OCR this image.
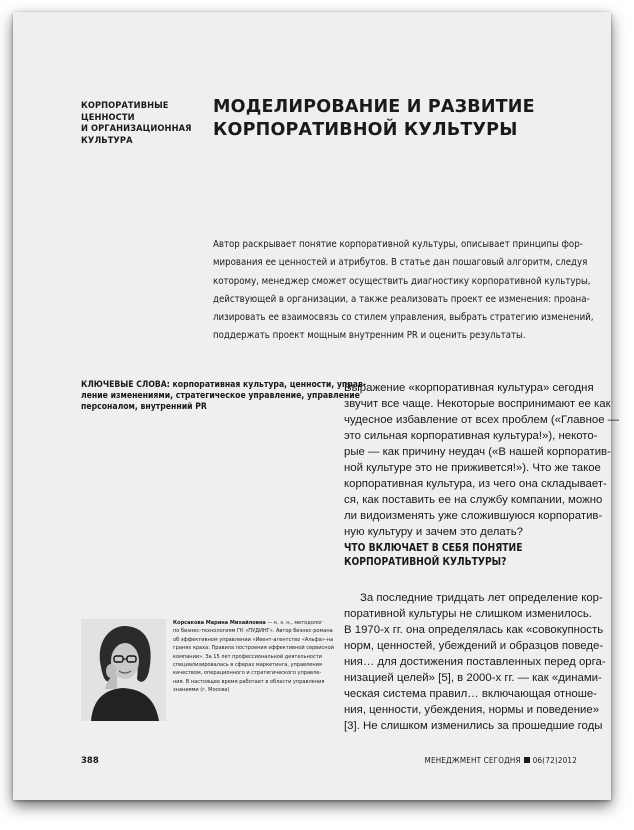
КОРПОРАТИВНЫЕ
ЦЕННОСТИ
И ОРГАНИЗАЦИОННАЯ
КУЛЬТУРА
МОДЕЛИРОВАНИЕ И РАЗВИТИЕ
КОРПОРАТИВНОЙ КУЛЬТУРЫ
Автор раскрывает понятие корпоративной культуры, описывает принципы фор-
мирования ее ценностей и атрибутов. В статье дан пошаговый алгоритм, следуя
которому, менеджер сможет осуществить диагностику корпоративной культуры,
действующей в организации, а также реализовать проект ее изменения: проана-
лизировать ее взаимосвязь со стилем управления, выбрать стратегию изменений,
поддержать проект мощным внутренним PR и оценить результаты.
КЛЮЧЕВЫЕ СЛОВА: корпоративная культура, ценности, управ-
ление изменениями, стратегическое управление, управление
персоналом, внутренний PR
Выражение «корпоративная культура» сегодня
звучит все чаще. Некоторые воспринимают ее как
чудесное избавление от всех проблем («Главное —
это сильная корпоративная культура!»), некото-
рые — как причину неудач («В нашей корпоратив-
ной культуре это не приживется!»). Что же такое
корпоративная культура, из чего она складывает-
ся, как поставить ее на службу компании, можно
ли видоизменять уже сложившуюся корпоратив-
ную культуру и зачем это делать?
ЧТО ВКЛЮЧАЕТ В СЕБЯ ПОНЯТИЕ
КОРПОРАТИВНОЙ КУЛЬТУРЫ?
За последние тридцать лет определение кор-
поративной культуры не слишком изменилось.
В 1970-х гг. она определялась как «совокупность
норм, ценностей, убеждений и образцов поведе-
ния… для достижения поставленных перед орга-
низацией целей» [5], в 2000-х гг. — как «динами-
ческая система правил… включающая отноше-
ния, ценности, убеждения, нормы и поведение»
[3]. Не слишком изменились за прошедшие годы
Корсакова Марина Михайловна — к. э. н., методолог
по бизнес-технологиям ГК «ПУДИНГ». Автор бизнес-романа
об эффективном управлении «Ивент-агентство «Альфа»-на
гранях краха: Правила построения эффективной сервисной
компании». За 15 лет профессиональной деятельности
специализировалась в сферах маркетинга, управления
качеством, операционного и стратегического управле-
ния. В настоящее время работает в области управления
знаниями (г. Москва)
388	МЕНЕДЖМЕНТ СЕГОДНЯ 06(72)2012
